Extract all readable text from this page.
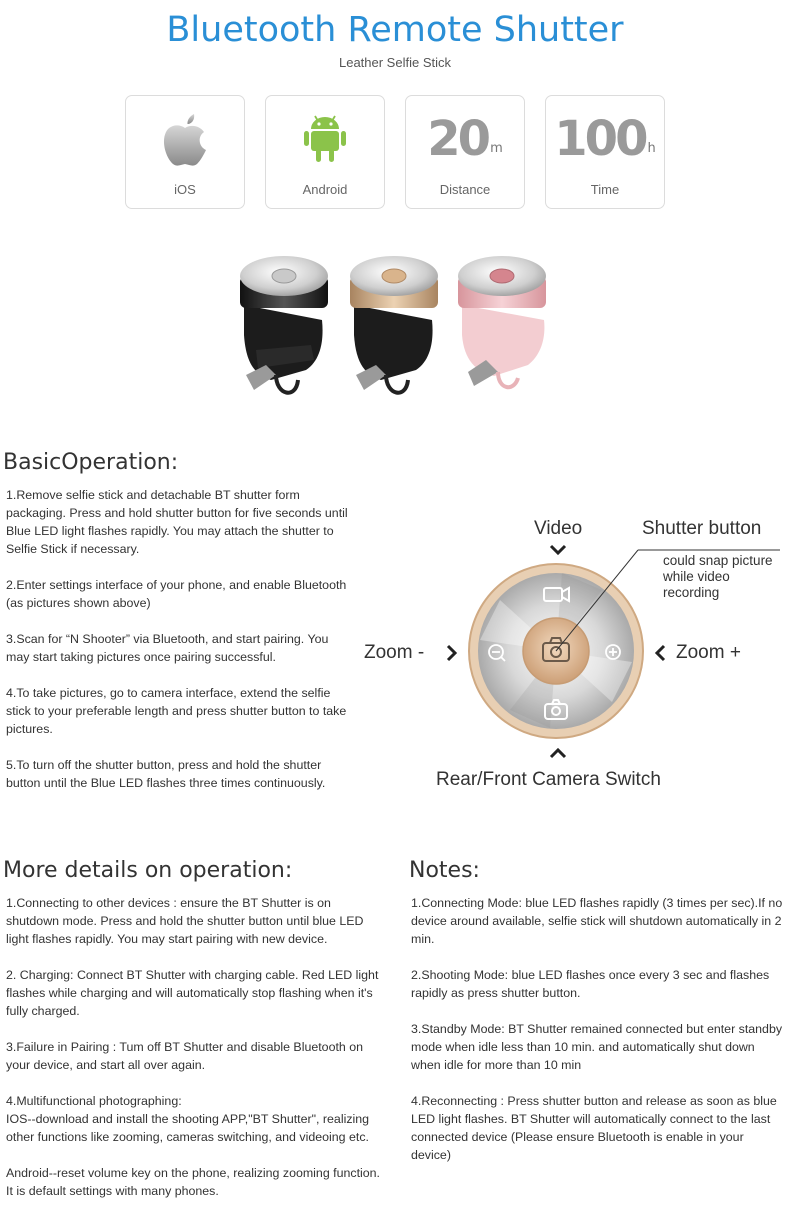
Bluetooth Remote Shutter
Leather Selfie Stick
iOS	Android
20 m
Distance
100 h
Time
BasicOperation:
1.Remove selfie stick and detachable BT shutter form packaging. Press and hold shutter button for five seconds until Blue LED light flashes rapidly. You may attach the shutter to Selfie Stick if necessary.
2.Enter settings interface of your phone, and enable Bluetooth (as pictures shown above)
3.Scan for “N Shooter” via Bluetooth, and start pairing. You may start taking pictures once pairing successful.
4.To take pictures, go to camera interface, extend the selfie stick to your preferable length and press shutter button to take pictures.
5.To turn off the shutter button, press and hold the shutter button until the Blue LED flashes three times continuously.
Video	Shutter button
could snap picture while video recording
Zoom -	Zoom +
Rear/Front Camera Switch
More details on operation:
1.Connecting to other devices : ensure the BT Shutter is on shutdown mode. Press and hold the shutter button until blue LED light flashes rapidly. You may start pairing with new device.
2. Charging: Connect BT Shutter with charging cable. Red LED light flashes while charging and will automatically stop flashing when it's fully charged.
3.Failure in Pairing : Tum off BT Shutter and disable Bluetooth on your device, and start all over again.
4.Multifunctional photographing:
IOS--download and install the shooting APP,"BT Shutter", realizing other functions like zooming, cameras switching, and videoing etc.
Android--reset volume key on the phone, realizing zooming function. It is default settings with many phones.
Notes:
1.Connecting Mode: blue LED flashes rapidly (3 times per sec).If no device around available, selfie stick will shutdown automatically in 2 min.
2.Shooting Mode: blue LED flashes once every 3 sec and flashes rapidly as press shutter button.
3.Standby Mode: BT Shutter remained connected but enter standby mode when idle less than 10 min. and automatically shut down when idle for more than 10 min
4.Reconnecting : Press shutter button and release as soon as blue LED light flashes. BT Shutter will automatically connect to the last connected device (Please ensure Bluetooth is enable in your device)
